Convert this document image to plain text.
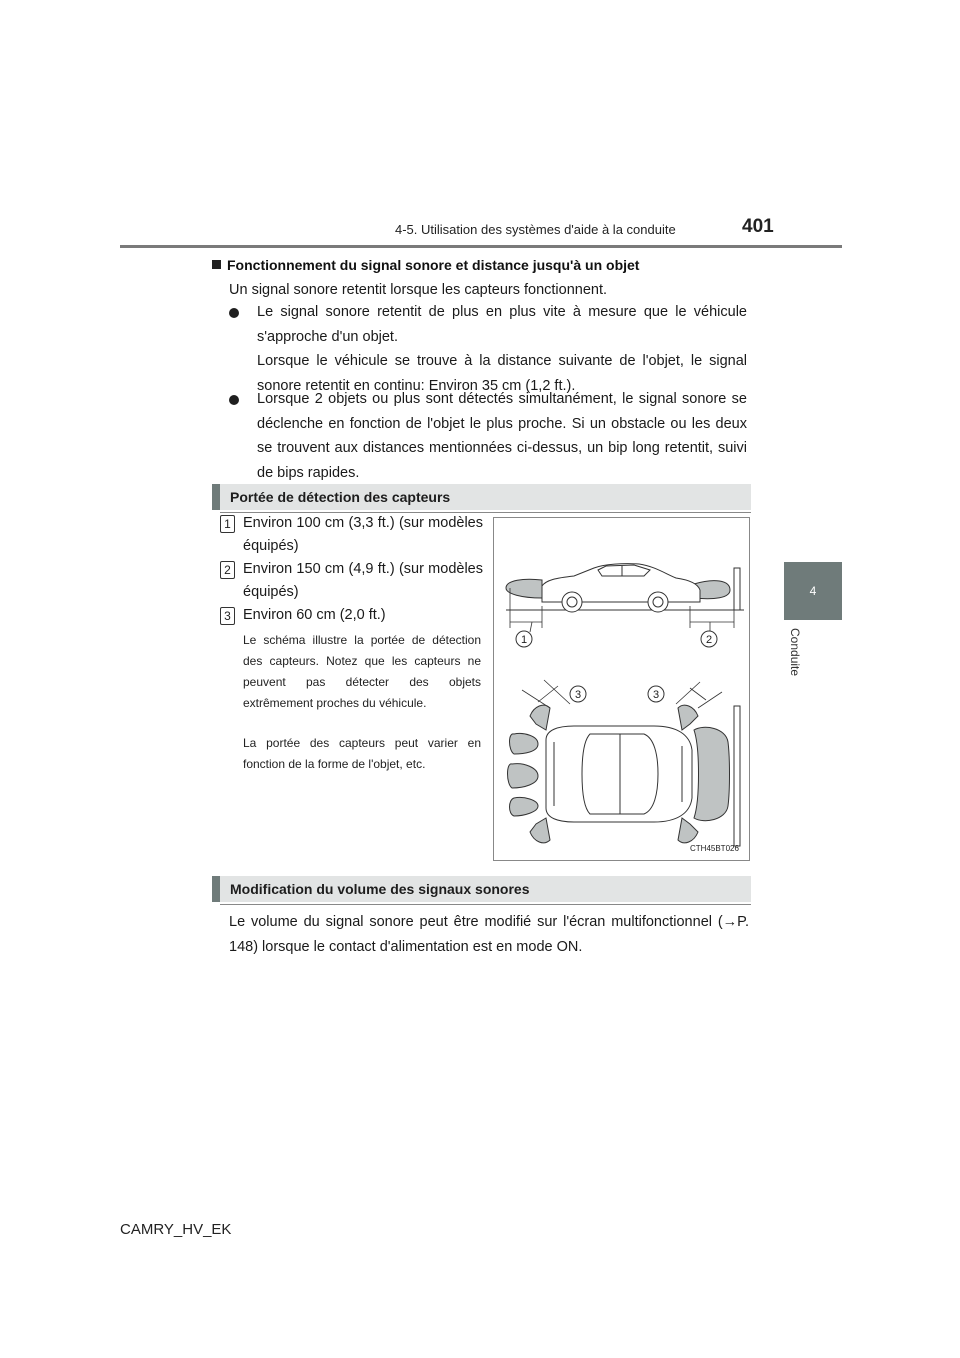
4-5. Utilisation des systèmes d'aide à la conduite	401
4
Conduite
Fonctionnement du signal sonore et distance jusqu'à un objet
Un signal sonore retentit lorsque les capteurs fonctionnent.
Le signal sonore retentit de plus en plus vite à mesure que le véhicule s'approche d'un objet.
Lorsque le véhicule se trouve à la distance suivante de l'objet, le signal sonore retentit en continu: Environ 35 cm (1,2 ft.).
Lorsque 2 objets ou plus sont détectés simultanément, le signal sonore se déclenche en fonction de l'objet le plus proche. Si un obstacle ou les deux se trouvent aux distances mentionnées ci-dessus, un bip long retentit, suivi de bips rapides.
Portée de détection des capteurs
1 Environ 100 cm (3,3 ft.) (sur modèles équipés)
2 Environ 150 cm (4,9 ft.) (sur modèles équipés)
3 Environ 60 cm (2,0 ft.)
Le schéma illustre la portée de détection des capteurs. Notez que les capteurs ne peuvent pas détecter des objets extrêmement proches du véhicule.
La portée des capteurs peut varier en fonction de la forme de l'objet, etc.
1	2
3	3
CTH45BT026
Modification du volume des signaux sonores
Le volume du signal sonore peut être modifié sur l'écran multifonctionnel (→P. 148) lorsque le contact d'alimentation est en mode ON.
CAMRY_HV_EK
